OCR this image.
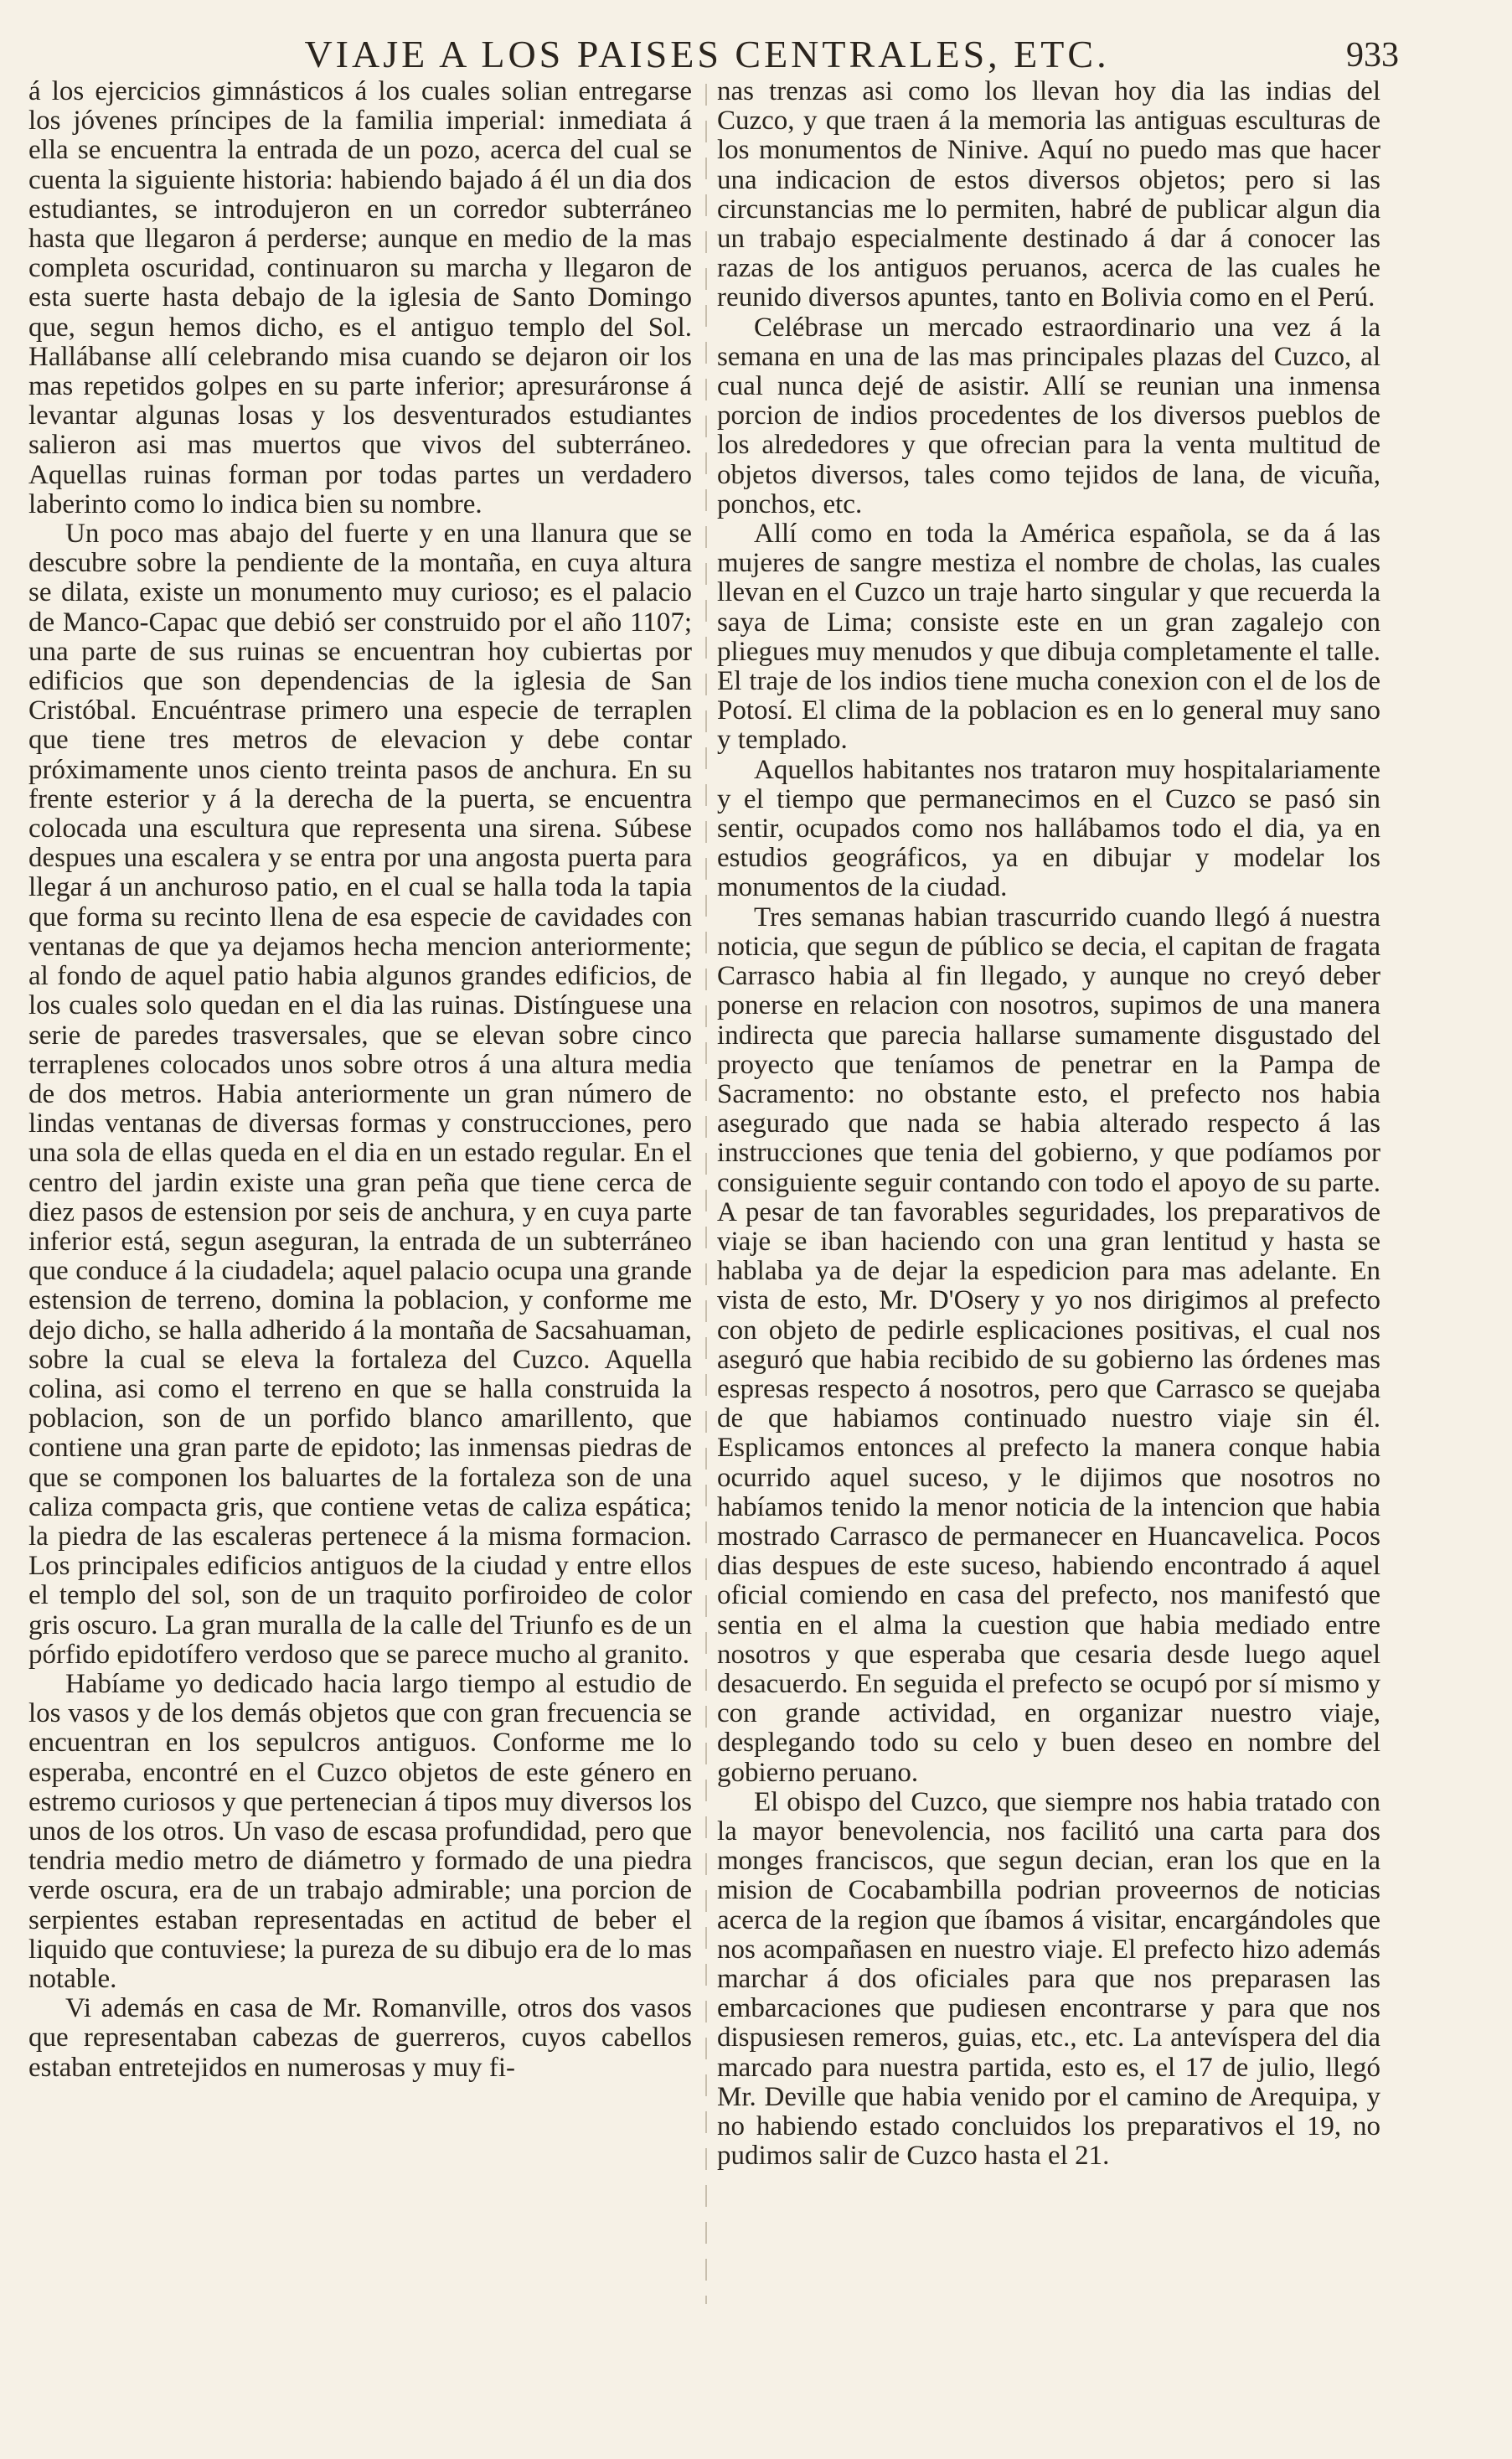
VIAJE A LOS PAISES CENTRALES, ETC.	933

á los ejercicios gimnásticos á los cuales solian entregarse los jóvenes príncipes de la familia imperial: inmediata á ella se encuentra la entrada de un pozo, acerca del cual se cuenta la siguiente historia: habiendo bajado á él un dia dos estudiantes, se introdujeron en un corredor subterráneo hasta que llegaron á perderse; aunque en medio de la mas completa oscuridad, continuaron su marcha y llegaron de esta suerte hasta debajo de la iglesia de Santo Domingo que, segun hemos dicho, es el antiguo templo del Sol. Hallábanse allí celebrando misa cuando se dejaron oir los mas repetidos golpes en su parte inferior; apresuráronse á levantar algunas losas y los desventurados estudiantes salieron asi mas muertos que vivos del subterráneo. Aquellas ruinas forman por todas partes un verdadero laberinto como lo indica bien su nombre.

Un poco mas abajo del fuerte y en una llanura que se descubre sobre la pendiente de la montaña, en cuya altura se dilata, existe un monumento muy curioso; es el palacio de Manco-Capac que debió ser construido por el año 1107; una parte de sus ruinas se encuentran hoy cubiertas por edificios que son dependencias de la iglesia de San Cristóbal. Encuéntrase primero una especie de terraplen que tiene tres metros de elevacion y debe contar próximamente unos ciento treinta pasos de anchura. En su frente esterior y á la derecha de la puerta, se encuentra colocada una escultura que representa una sirena. Súbese despues una escalera y se entra por una angosta puerta para llegar á un anchuroso patio, en el cual se halla toda la tapia que forma su recinto llena de esa especie de cavidades con ventanas de que ya dejamos hecha mencion anteriormente; al fondo de aquel patio habia algunos grandes edificios, de los cuales solo quedan en el dia las ruinas. Distínguese una serie de paredes trasversales, que se elevan sobre cinco terraplenes colocados unos sobre otros á una altura media de dos metros. Habia anteriormente un gran número de lindas ventanas de diversas formas y construcciones, pero una sola de ellas queda en el dia en un estado regular. En el centro del jardin existe una gran peña que tiene cerca de diez pasos de estension por seis de anchura, y en cuya parte inferior está, segun aseguran, la entrada de un subterráneo que conduce á la ciudadela; aquel palacio ocupa una grande estension de terreno, domina la poblacion, y conforme me dejo dicho, se halla adherido á la montaña de Sacsahuaman, sobre la cual se eleva la fortaleza del Cuzco. Aquella colina, asi como el terreno en que se halla construida la poblacion, son de un porfido blanco amarillento, que contiene una gran parte de epidoto; las inmensas piedras de que se componen los baluartes de la fortaleza son de una caliza compacta gris, que contiene vetas de caliza espática; la piedra de las escaleras pertenece á la misma formacion. Los principales edificios antiguos de la ciudad y entre ellos el templo del sol, son de un traquito porfiroideo de color gris oscuro. La gran muralla de la calle del Triunfo es de un pórfido epidotífero verdoso que se parece mucho al granito.

Habíame yo dedicado hacia largo tiempo al estudio de los vasos y de los demás objetos que con gran frecuencia se encuentran en los sepulcros antiguos. Conforme me lo esperaba, encontré en el Cuzco objetos de este género en estremo curiosos y que pertenecian á tipos muy diversos los unos de los otros. Un vaso de escasa profundidad, pero que tendria medio metro de diámetro y formado de una piedra verde oscura, era de un trabajo admirable; una porcion de serpientes estaban representadas en actitud de beber el liquido que contuviese; la pureza de su dibujo era de lo mas notable.

Vi además en casa de Mr. Romanville, otros dos vasos que representaban cabezas de guerreros, cuyos cabellos estaban entretejidos en numerosas y muy fi-

nas trenzas asi como los llevan hoy dia las indias del Cuzco, y que traen á la memoria las antiguas esculturas de los monumentos de Ninive. Aquí no puedo mas que hacer una indicacion de estos diversos objetos; pero si las circunstancias me lo permiten, habré de publicar algun dia un trabajo especialmente destinado á dar á conocer las razas de los antiguos peruanos, acerca de las cuales he reunido diversos apuntes, tanto en Bolivia como en el Perú.

Celébrase un mercado estraordinario una vez á la semana en una de las mas principales plazas del Cuzco, al cual nunca dejé de asistir. Allí se reunian una inmensa porcion de indios procedentes de los diversos pueblos de los alrededores y que ofrecian para la venta multitud de objetos diversos, tales como tejidos de lana, de vicuña, ponchos, etc.

Allí como en toda la América española, se da á las mujeres de sangre mestiza el nombre de cholas, las cuales llevan en el Cuzco un traje harto singular y que recuerda la saya de Lima; consiste este en un gran zagalejo con pliegues muy menudos y que dibuja completamente el talle. El traje de los indios tiene mucha conexion con el de los de Potosí. El clima de la poblacion es en lo general muy sano y templado.

Aquellos habitantes nos trataron muy hospitalariamente y el tiempo que permanecimos en el Cuzco se pasó sin sentir, ocupados como nos hallábamos todo el dia, ya en estudios geográficos, ya en dibujar y modelar los monumentos de la ciudad.

Tres semanas habian trascurrido cuando llegó á nuestra noticia, que segun de público se decia, el capitan de fragata Carrasco habia al fin llegado, y aunque no creyó deber ponerse en relacion con nosotros, supimos de una manera indirecta que parecia hallarse sumamente disgustado del proyecto que teníamos de penetrar en la Pampa de Sacramento: no obstante esto, el prefecto nos habia asegurado que nada se habia alterado respecto á las instrucciones que tenia del gobierno, y que podíamos por consiguiente seguir contando con todo el apoyo de su parte. A pesar de tan favorables seguridades, los preparativos de viaje se iban haciendo con una gran lentitud y hasta se hablaba ya de dejar la espedicion para mas adelante. En vista de esto, Mr. D'Osery y yo nos dirigimos al prefecto con objeto de pedirle esplicaciones positivas, el cual nos aseguró que habia recibido de su gobierno las órdenes mas espresas respecto á nosotros, pero que Carrasco se quejaba de que habiamos continuado nuestro viaje sin él. Esplicamos entonces al prefecto la manera conque habia ocurrido aquel suceso, y le dijimos que nosotros no habíamos tenido la menor noticia de la intencion que habia mostrado Carrasco de permanecer en Huancavelica. Pocos dias despues de este suceso, habiendo encontrado á aquel oficial comiendo en casa del prefecto, nos manifestó que sentia en el alma la cuestion que habia mediado entre nosotros y que esperaba que cesaria desde luego aquel desacuerdo. En seguida el prefecto se ocupó por sí mismo y con grande actividad, en organizar nuestro viaje, desplegando todo su celo y buen deseo en nombre del gobierno peruano.

El obispo del Cuzco, que siempre nos habia tratado con la mayor benevolencia, nos facilitó una carta para dos monges franciscos, que segun decian, eran los que en la mision de Cocabambilla podrian proveernos de noticias acerca de la region que íbamos á visitar, encargándoles que nos acompañasen en nuestro viaje. El prefecto hizo además marchar á dos oficiales para que nos preparasen las embarcaciones que pudiesen encontrarse y para que nos dispusiesen remeros, guias, etc., etc. La antevíspera del dia marcado para nuestra partida, esto es, el 17 de julio, llegó Mr. Deville que habia venido por el camino de Arequipa, y no habiendo estado concluidos los preparativos el 19, no pudimos salir de Cuzco hasta el 21.
